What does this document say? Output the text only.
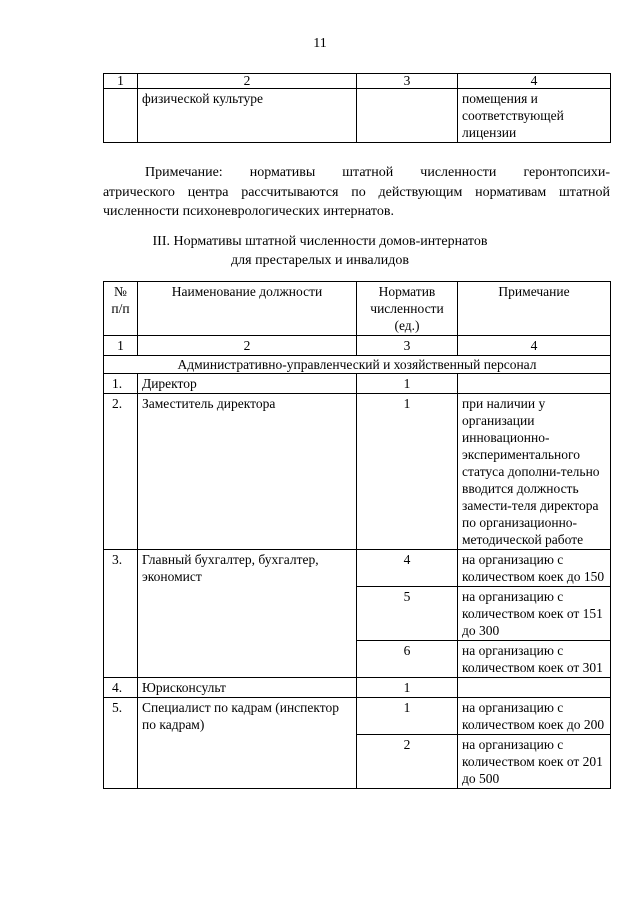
11
1	2	3	4
	физической культуре		помещения и соответствующей лицензии
Примечание: нормативы штатной численности геронтопсихи-
атрического центра рассчитываются по действующим нормативам штатной численности психоневрологических интернатов.
III. Нормативы штатной численности домов-интернатов
для престарелых и инвалидов
№ п/п	Наименование должности	Норматив численности (ед.)	Примечание
1	2	3	4
Административно-управленческий и хозяйственный персонал			
1.	Директор	1	
2.	Заместитель директора	1	при наличии у организации инновационно-экспериментального статуса дополни-тельно вводится должность замести-теля директора по организационно-методической работе
3.	Главный бухгалтер, бухгалтер, экономист	4	на организацию с количеством коек до 150
		5	на организацию с количеством коек от 151 до 300
		6	на организацию с количеством коек от 301
4.	Юрисконсульт	1	
5.	Специалист по кадрам (инспектор по кадрам)	1	на организацию с количеством коек до 200
		2	на организацию с количеством коек от 201 до 500
